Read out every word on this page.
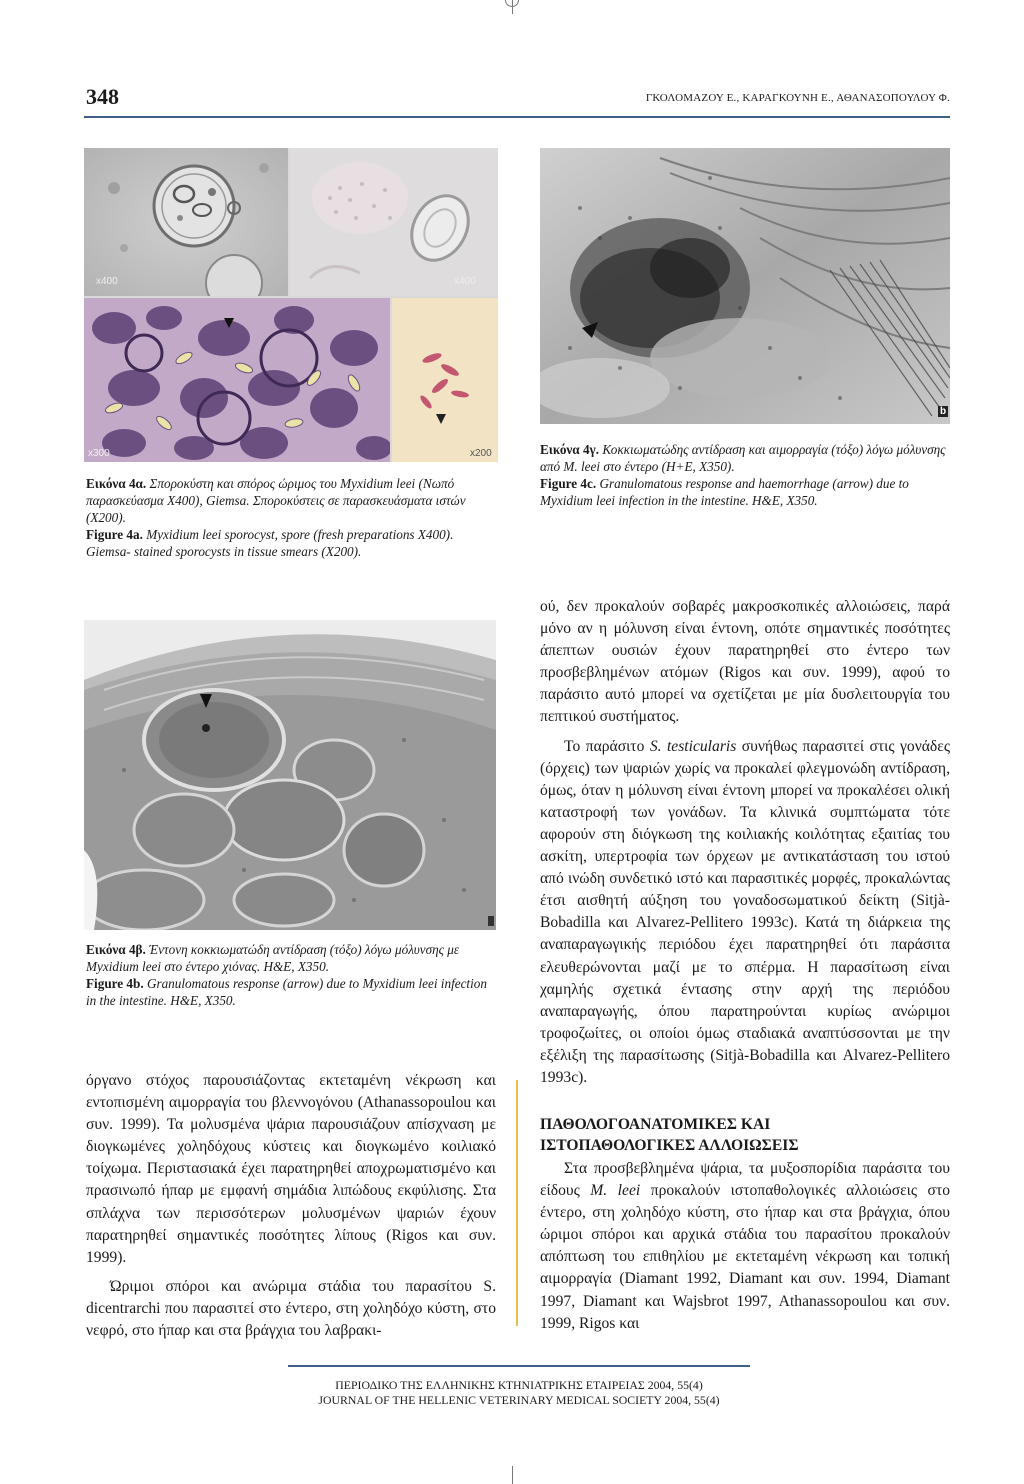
348	ΓΚΟΛΟΜΑΖΟΥ Ε., ΚΑΡΑΓΚΟΥΝΗ Ε., ΑΘΑΝΑΣΟΠΟΥΛΟΥ Φ.
x400	x400
x300	x200
b

Εικόνα 4α. Σπορoκύστη και σπόρος ώριμος του Myxidium leei (Νωπό παρασκεύασμα Χ400), Giemsa. Σπορoκύστεις σε παρασκευάσματα ιστών (Χ200).

Figure 4a. Myxidium leei sporocyst, spore (fresh preparations X400). Giemsa- stained sporocysts in tissue smears (X200).

Εικόνα 4γ. Κοκκιωματώδης αντίδραση και αιμορραγία (τόξο) λόγω μόλυνσης από M. leei στο έντερο (H+E, X350).

Figure 4c. Granulomatous response and haemorrhage (arrow) due to Myxidium leei infection in the intestine. H&E, X350.

Εικόνα 4β. Έντονη κοκκιωματώδη αντίδραση (τόξο) λόγω μόλυνσης με Myxidium leei στο έντερο χιόνας. H&E, X350.

Figure 4b. Granulomatous response (arrow) due to Myxidium leei infection in the intestine. H&E, X350.

όργανο στόχος παρουσιάζοντας εκτεταμένη νέκρωση και εντοπισμένη αιμορραγία του βλεννογόνου (Athanassopoulou και συν. 1999). Τα μολυσμένα ψάρια παρουσιάζουν απίσχναση με διογκωμένες χοληδόχους κύστεις και διογκωμένο κοιλιακό τοίχωμα. Περιστασιακά έχει παρατηρηθεί αποχρωματισμένο και πρασινωπό ήπαρ με εμφανή σημάδια λιπώδους εκφύλισης. Στα σπλάχνα των περισσότερων μολυσμένων ψαριών έχουν παρατηρηθεί σημαντικές ποσότητες λίπους (Rigos και συν. 1999).

Ώριμοι σπόροι και ανώριμα στάδια του παρασίτου S. dicentrarchi που παρασιτεί στο έντερο, στη χοληδόχο κύστη, στο νεφρό, στο ήπαρ και στα βράγχια του λαβρακι-

ού, δεν προκαλούν σοβαρές μακροσκοπικές αλλοιώσεις, παρά μόνο αν η μόλυνση είναι έντονη, οπότε σημαντικές ποσότητες άπεπτων ουσιών έχουν παρατηρηθεί στο έντερο των προσβεβλημένων ατόμων (Rigos και συν. 1999), αφού το παράσιτο αυτό μπορεί να σχετίζεται με μία δυσλειτουργία του πεπτικού συστήματος.

Το παράσιτο S. testicularis συνήθως παρασιτεί στις γονάδες (όρχεις) των ψαριών χωρίς να προκαλεί φλεγμονώδη αντίδραση, όμως, όταν η μόλυνση είναι έντονη μπορεί να προκαλέσει ολική καταστροφή των γονάδων. Τα κλινικά συμπτώματα τότε αφορούν στη διόγκωση της κοιλιακής κοιλότητας εξαιτίας του ασκίτη, υπερτροφία των όρχεων με αντικατάσταση του ιστού από ινώδη συνδετικό ιστό και παρασιτικές μορφές, προκαλώντας έτσι αισθητή αύξηση του γοναδοσωματικού δείκτη (Sitjà-Bobadilla και Alvarez-Pellitero 1993c). Κατά τη διάρκεια της αναπαραγωγικής περιόδου έχει παρατηρηθεί ότι παράσιτα ελευθερώνονται μαζί με το σπέρμα. Η παρασίτωση είναι χαμηλής σχετικά έντασης στην αρχή της περιόδου αναπαραγωγής, όπου παρατηρούνται κυρίως ανώριμοι τροφοζωίτες, οι οποίοι όμως σταδιακά αναπτύσσονται με την εξέλιξη της παρασίτωσης (Sitjà-Bobadilla και Alvarez-Pellitero 1993c).

ΠΑΘΟΛΟΓΟΑΝΑΤΟΜΙΚΕΣ ΚΑΙ
ΙΣΤΟΠΑΘΟΛΟΓΙΚΕΣ ΑΛΛΟΙΩΣΕΙΣ

Στα προσβεβλημένα ψάρια, τα μυξοσπορίδια παράσιτα του είδους M. leei προκαλούν ιστοπαθολογικές αλλοιώσεις στο έντερο, στη χοληδόχο κύστη, στο ήπαρ και στα βράγχια, όπου ώριμοι σπόροι και αρχικά στάδια του παρασίτου προκαλούν απόπτωση του επιθηλίου με εκτεταμένη νέκρωση και τοπική αιμορραγία (Diamant 1992, Diamant και συν. 1994, Diamant 1997, Diamant και Wajsbrot 1997, Athanassopoulou και συν. 1999, Rigos και

ΠΕΡΙΟΔΙΚΟ ΤΗΣ ΕΛΛΗΝΙΚΗΣ ΚΤΗΝΙΑΤΡΙΚΗΣ ΕΤΑΙΡΕΙΑΣ 2004, 55(4)
JOURNAL OF THE HELLENIC VETERINARY MEDICAL SOCIETY 2004, 55(4)
